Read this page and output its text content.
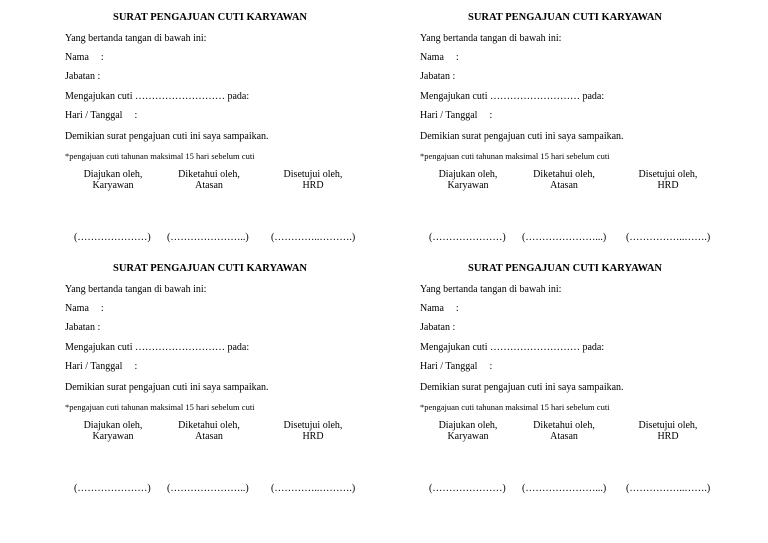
SURAT PENGAJUAN CUTI KARYAWAN
Yang bertanda tangan di bawah ini:
Nama :
Jabatan :
Mengajukan cuti ……………………… pada:
Hari / Tanggal :
Demikian surat pengajuan cuti ini saya sampaikan.
*pengajuan cuti tahunan maksimal 15 hari sebelum cuti
Diajukan oleh,
Karyawan
Diketahui oleh,
Atasan
Disetujui oleh,
HRD
(…………………) (…………………..) (…………..……….)
SURAT PENGAJUAN CUTI KARYAWAN
Yang bertanda tangan di bawah ini:
Nama :
Jabatan :
Mengajukan cuti ……………………… pada:
Hari / Tanggal :
Demikian surat pengajuan cuti ini saya sampaikan.
*pengajuan cuti tahunan maksimal 15 hari sebelum cuti
Diajukan oleh,
Karyawan
Diketahui oleh,
Atasan
Disetujui oleh,
HRD
(…………………) (…………………...) (……………..…….)
SURAT PENGAJUAN CUTI KARYAWAN
Yang bertanda tangan di bawah ini:
Nama :
Jabatan :
Mengajukan cuti ……………………… pada:
Hari / Tanggal :
Demikian surat pengajuan cuti ini saya sampaikan.
*pengajuan cuti tahunan maksimal 15 hari sebelum cuti
Diajukan oleh,
Karyawan
Diketahui oleh,
Atasan
Disetujui oleh,
HRD
(…………………) (…………………..) (…………..……….)
SURAT PENGAJUAN CUTI KARYAWAN
Yang bertanda tangan di bawah ini:
Nama :
Jabatan :
Mengajukan cuti ……………………… pada:
Hari / Tanggal :
Demikian surat pengajuan cuti ini saya sampaikan.
*pengajuan cuti tahunan maksimal 15 hari sebelum cuti
Diajukan oleh,
Karyawan
Diketahui oleh,
Atasan
Disetujui oleh,
HRD
(…………………) (…………………...) (……………..…….)
